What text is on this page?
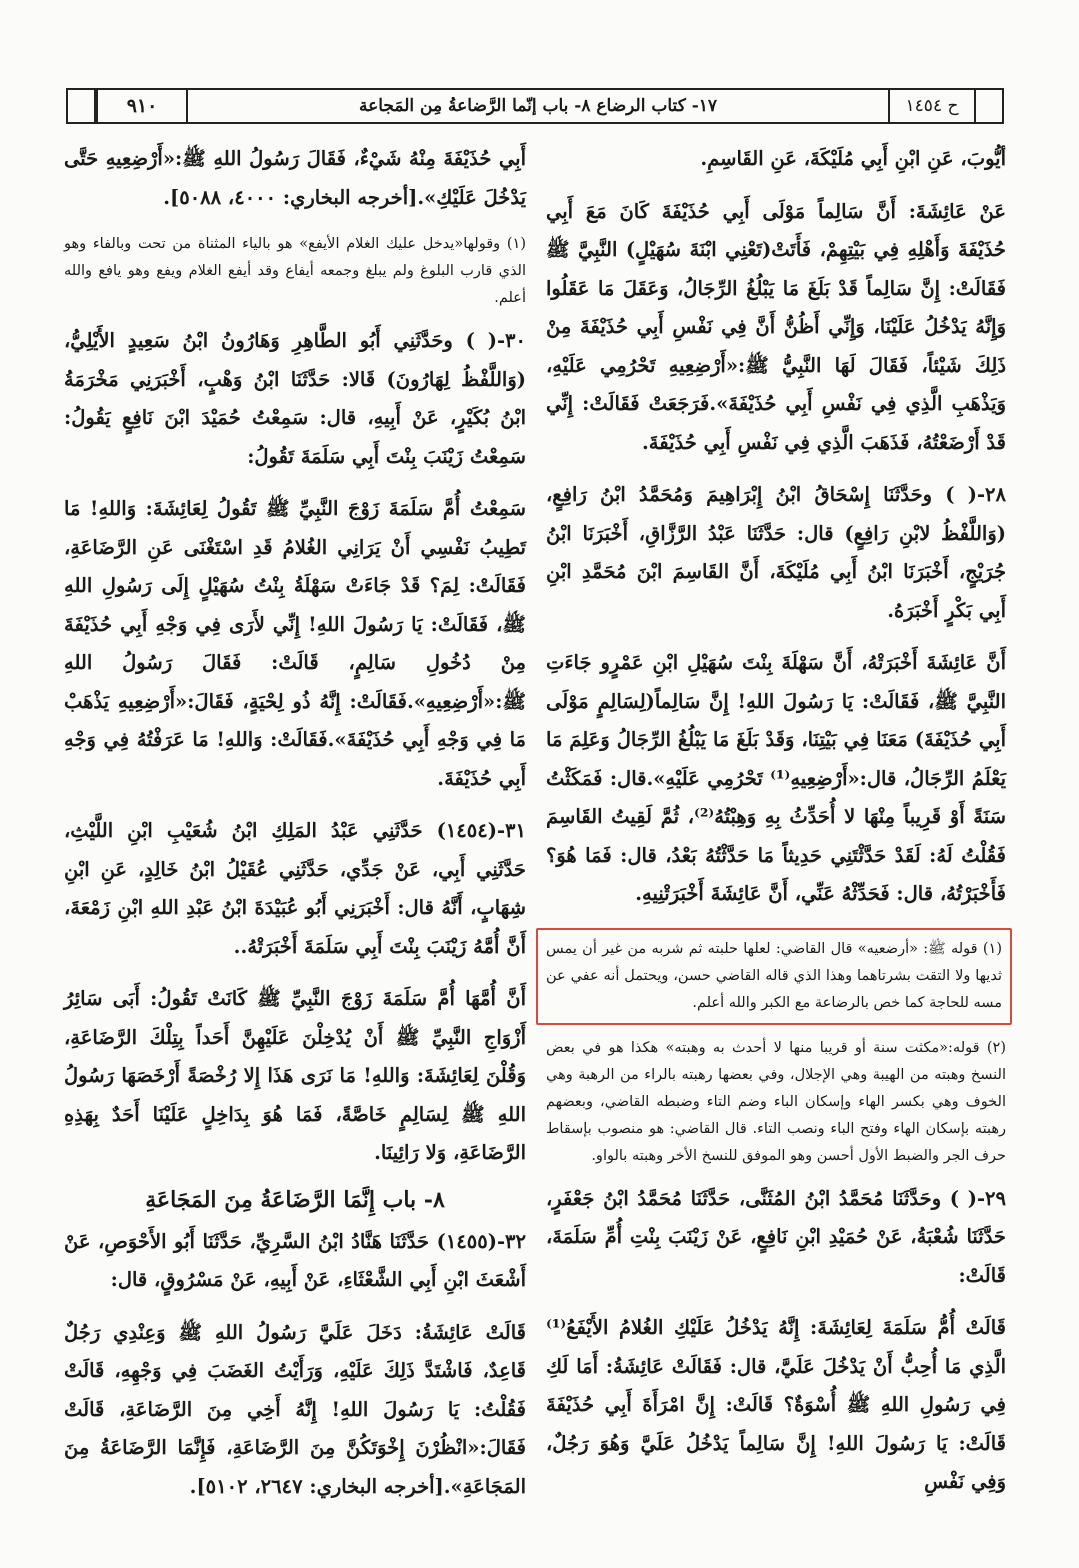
ح ١٤٥٤
١٧- كتاب الرضاع ٨- باب إنّما الرَّضاعةُ مِن المَجاعة
٩١٠

أيُّوبَ، عَنِ ابْنِ أَبِي مُلَيْكَةَ، عَنِ القَاسِمِ.

عَنْ عَائِشَةَ: أَنَّ سَالِماً مَوْلَى أَبِي حُذَيْفَةَ كَانَ مَعَ أَبِي حُذَيْفَةَ وَأَهْلِهِ فِي بَيْتِهِمْ، فَأَتَتْ(تَعْنِي ابْنَةَ سُهَيْلٍ) النَّبِيَّ ﷺ فَقَالَتْ: إِنَّ سَالِماً قَدْ بَلَغَ مَا يَبْلُغُ الرِّجَالُ، وَعَقَلَ مَا عَقَلُوا وَإِنَّهُ يَدْخُلُ عَلَيْنَا، وَإِنِّي أَظُنُّ أَنَّ فِي نَفْسِ أَبِي حُذَيْفَةَ مِنْ ذَلِكَ شَيْئاً، فَقَالَ لَهَا النَّبِيُّ ﷺ:«أَرْضِعِيهِ تَحْرُمِي عَلَيْهِ، وَيَذْهَبِ الَّذِي فِي نَفْسِ أَبِي حُذَيْفَةَ».فَرَجَعَتْ فَقَالَتْ: إِنِّي قَدْ أَرْضَعْتُهُ، فَذَهَبَ الَّذِي فِي نَفْسِ أَبِي حُذَيْفَةَ.

٢٨-( ) وحَدَّثَنَا إِسْحَاقُ ابْنُ إِبْرَاهِيمَ وَمُحَمَّدُ ابْنُ رَافِعٍ،(وَاللَّفْظُ لابْنِ رَافِعٍ) قال: حَدَّثَنَا عَبْدُ الرَّزَّاقِ، أَخْبَرَنَا ابْنُ جُرَيْجٍ، أَخْبَرَنَا ابْنُ أَبِي مُلَيْكَةَ، أَنَّ القَاسِمَ ابْنَ مُحَمَّدِ ابْنِ أَبِي بَكْرٍ أَخْبَرَهُ.

أَنَّ عَائِشَةَ أَخْبَرَتْهُ، أَنَّ سَهْلَةَ بِنْتَ سُهَيْلِ ابْنِ عَمْرٍو جَاءَتِ النَّبِيَّ ﷺ، فَقَالَتْ: يَا رَسُولَ اللهِ! إِنَّ سَالِماً(لِسَالِمٍ مَوْلَى أَبِي حُذَيْفَةَ) مَعَنَا فِي بَيْتِنَا، وَقَدْ بَلَغَ مَا يَبْلُغُ الرِّجَالُ وَعَلِمَ مَا يَعْلَمُ الرِّجَالُ، قال:«أَرْضِعِيهِ⁽¹⁾ تَحْرُمِي عَلَيْهِ».قال: فَمَكَثْتُ سَنَةً أَوْ قَرِيباً مِنْهَا لا أُحَدِّثُ بِهِ وَهِبْتُهُ⁽²⁾، ثُمَّ لَقِيتُ القَاسِمَ فَقُلْتُ لَهُ: لَقَدْ حَدَّثْتَنِي حَدِيثاً مَا حَدَّثْتُهُ بَعْدُ، قال: فَمَا هُوَ؟ فَأَخْبَرْتُهُ، قال: فَحَدِّثْهُ عَنِّي، أَنَّ عَائِشَةَ أَخْبَرَتْنِيهِ.

(١) قوله ﷺ: «أرضعيه» قال القاضي: لعلها حلبته ثم شربه من غير أن يمس ثديها ولا التقت بشرتاهما وهذا الذي قاله القاضي حسن، ويحتمل أنه عفي عن مسه للحاجة كما خص بالرضاعة مع الكبر والله أعلم.

(٢) قوله:«مكثت سنة أو قريبا منها لا أحدث به وهبته» هكذا هو في بعض النسخ وهبته من الهيبة وهي الإجلال، وفي بعضها رهبته بالراء من الرهبة وهي الخوف وهي بكسر الهاء وإسكان الباء وضم التاء وضبطه القاضي، وبعضهم رهبته بإسكان الهاء وفتح الباء ونصب التاء. قال القاضي: هو منصوب بإسقاط حرف الجر والضبط الأول أحسن وهو الموفق للنسخ الأخر وهبته بالواو.

٢٩-( ) وحَدَّثَنَا مُحَمَّدُ ابْنُ المُثَنَّى، حَدَّثَنَا مُحَمَّدُ ابْنُ جَعْفَرٍ، حَدَّثَنَا شُعْبَةُ، عَنْ حُمَيْدِ ابْنِ نَافِعٍ، عَنْ زَيْنَبَ بِنْتِ أُمِّ سَلَمَةَ، قَالَتْ:

قَالَتْ أُمُّ سَلَمَةَ لِعَائِشَةَ: إِنَّهُ يَدْخُلُ عَلَيْكِ الغُلامُ الأَيْفَعُ⁽¹⁾ الَّذِي مَا أُحِبُّ أَنْ يَدْخُلَ عَلَيَّ، قال: فَقَالَتْ عَائِشَةُ: أَمَا لَكِ فِي رَسُولِ اللهِ ﷺ أُسْوَةٌ؟ قَالَتْ: إِنَّ امْرَأَةَ أَبِي حُذَيْفَةَ قَالَتْ: يَا رَسُولَ اللهِ! إِنَّ سَالِماً يَدْخُلُ عَلَيَّ وَهُوَ رَجُلٌ، وَفِي نَفْسِ

أَبِي حُذَيْفَةَ مِنْهُ شَيْءٌ، فَقَالَ رَسُولُ اللهِ ﷺ:«أَرْضِعِيهِ حَتَّى يَدْخُلَ عَلَيْكِ».[أخرجه البخاري: ٤٠٠٠، ٥٠٨٨].

(١) وقولها«يدخل عليك الغلام الأيفع» هو بالياء المثناة من تحت وبالفاء وهو الذي قارب البلوغ ولم يبلغ وجمعه أيفاع وقد أيفع الغلام ويفع وهو يافع والله أعلم.

٣٠-( ) وحَدَّثَنِي أَبُو الطَّاهِرِ وَهَارُونُ ابْنُ سَعِيدٍ الأَيْلِيُّ،(وَاللَّفْظُ لِهَارُونَ) قَالا: حَدَّثَنَا ابْنُ وَهْبٍ، أَخْبَرَنِي مَخْرَمَةُ ابْنُ بُكَيْرٍ، عَنْ أَبِيهِ، قال: سَمِعْتُ حُمَيْدَ ابْنَ نَافِعٍ يَقُولُ: سَمِعْتُ زَيْنَبَ بِنْتَ أَبِي سَلَمَةَ تَقُولُ:

سَمِعْتُ أُمَّ سَلَمَةَ زَوْجَ النَّبِيِّ ﷺ تَقُولُ لِعَائِشَةَ: وَاللهِ! مَا تَطِيبُ نَفْسِي أَنْ يَرَانِي الغُلامُ قَدِ اسْتَغْنَى عَنِ الرَّضَاعَةِ، فَقَالَتْ: لِمَ؟ قَدْ جَاءَتْ سَهْلَةُ بِنْتُ سُهَيْلٍ إِلَى رَسُولِ اللهِ ﷺ، فَقَالَتْ: يَا رَسُولَ اللهِ! إِنِّي لأَرَى فِي وَجْهِ أَبِي حُذَيْفَةَ مِنْ دُخُولِ سَالِمٍ، قَالَتْ: فَقَالَ رَسُولُ اللهِ ﷺ:«أَرْضِعِيهِ».فَقَالَتْ: إِنَّهُ ذُو لِحْيَةٍ، فَقَالَ:«أَرْضِعِيهِ يَذْهَبْ مَا فِي وَجْهِ أَبِي حُذَيْفَةَ».فَقَالَتْ: وَاللهِ! مَا عَرَفْتُهُ فِي وَجْهِ أَبِي حُذَيْفَةَ.

٣١-(١٤٥٤) حَدَّثَنِي عَبْدُ المَلِكِ ابْنُ شُعَيْبِ ابْنِ اللَّيْثِ، حَدَّثَنِي أَبِي، عَنْ جَدِّي، حَدَّثَنِي عُقَيْلُ ابْنُ خَالِدٍ، عَنِ ابْنِ شِهَابٍ، أَنَّهُ قال: أَخْبَرَنِي أَبُو عُبَيْدَةَ ابْنُ عَبْدِ اللهِ ابْنِ زَمْعَةَ، أَنَّ أُمَّهُ زَيْنَبَ بِنْتَ أَبِي سَلَمَةَ أَخْبَرَتْهُ..

أَنَّ أُمَّهَا أُمَّ سَلَمَةَ زَوْجَ النَّبِيِّ ﷺ كَانَتْ تَقُولُ: أَبَى سَائِرُ أَزْوَاجِ النَّبِيِّ ﷺ أَنْ يُدْخِلْنَ عَلَيْهِنَّ أَحَداً بِتِلْكَ الرَّضَاعَةِ، وَقُلْنَ لِعَائِشَةَ: وَاللهِ! مَا نَرَى هَذَا إِلا رُخْصَةً أَرْخَصَهَا رَسُولُ اللهِ ﷺ لِسَالِمٍ خَاصَّةً، فَمَا هُوَ بِدَاخِلٍ عَلَيْنَا أَحَدٌ بِهَذِهِ الرَّضَاعَةِ، وَلا رَائِينَا.

٨- باب إِنَّمَا الرَّضَاعَةُ مِنَ المَجَاعَةِ

٣٢-(١٤٥٥) حَدَّثَنَا هَنَّادُ ابْنُ السَّرِيِّ، حَدَّثَنَا أَبُو الأَحْوَصِ، عَنْ أَشْعَثَ ابْنِ أَبِي الشَّعْثَاءِ، عَنْ أَبِيهِ، عَنْ مَسْرُوقٍ، قال:

قَالَتْ عَائِشَةُ: دَخَلَ عَلَيَّ رَسُولُ اللهِ ﷺ وَعِنْدِي رَجُلٌ قَاعِدٌ، فَاشْتَدَّ ذَلِكَ عَلَيْهِ، وَرَأَيْتُ الغَضَبَ فِي وَجْهِهِ، قَالَتْ فَقُلْتُ: يَا رَسُولَ اللهِ! إِنَّهُ أَخِي مِنَ الرَّضَاعَةِ، قَالَتْ فَقَالَ:«انْظُرْنَ إِخْوَتَكُنَّ مِنَ الرَّضَاعَةِ، فَإِنَّمَا الرَّضَاعَةُ مِنَ المَجَاعَةِ».[أخرجه البخاري: ٢٦٤٧، ٥١٠٢].
